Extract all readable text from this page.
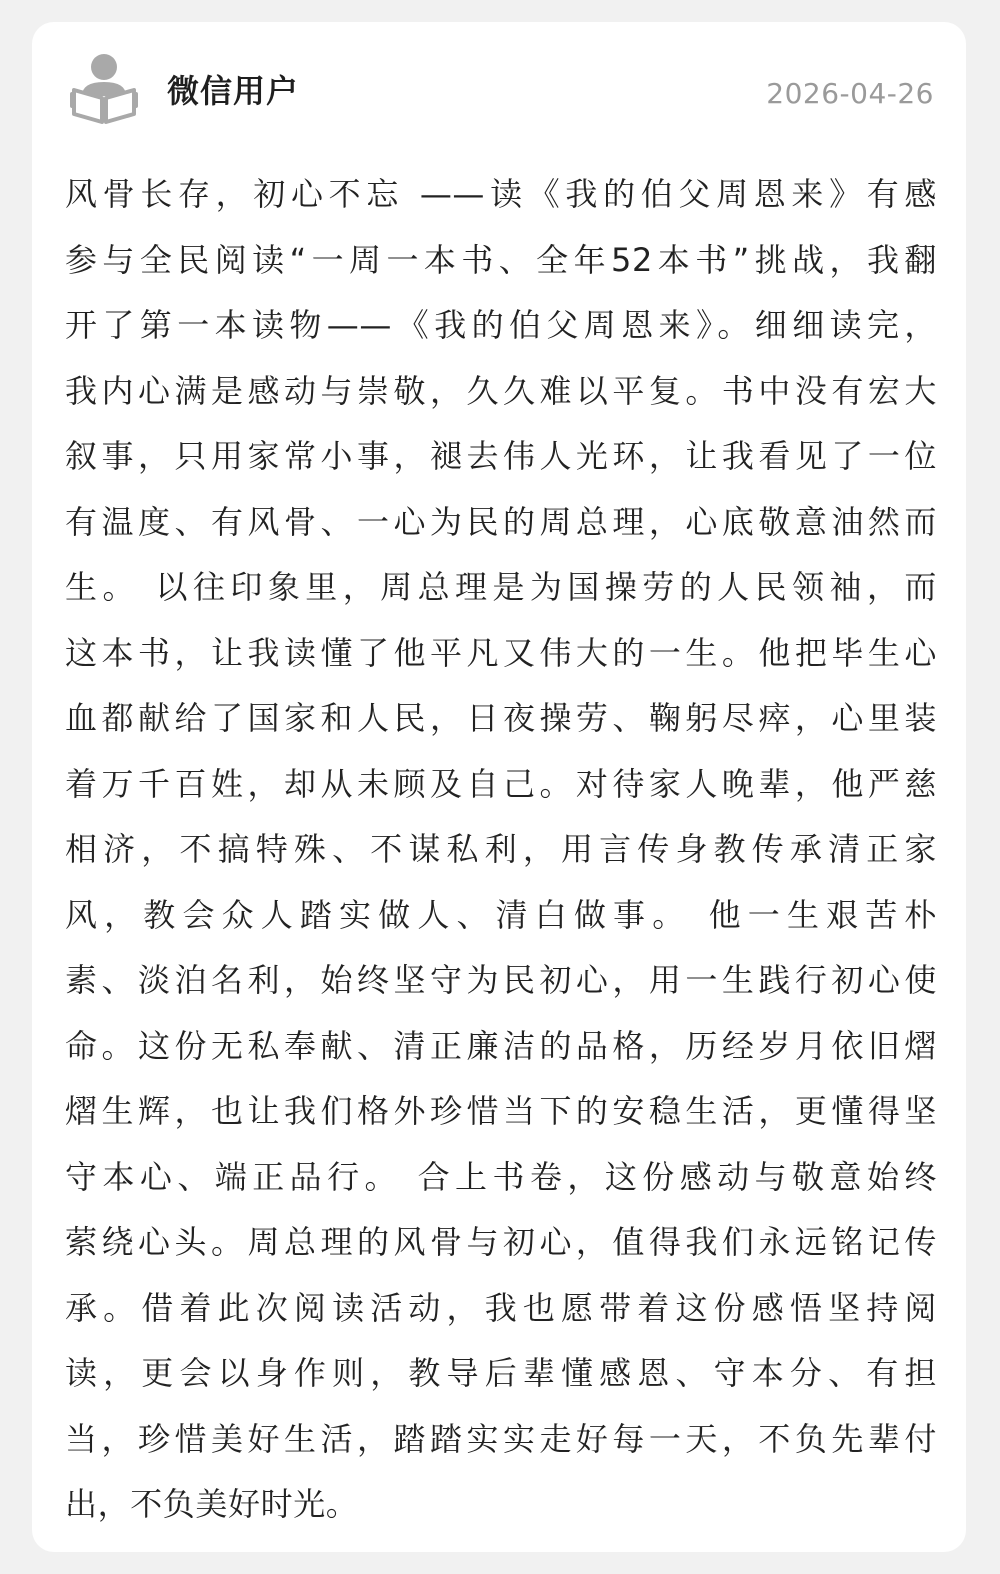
微信用户	2026-04-26
风骨长存，初心不忘 ——读《我的伯父周恩来》有感
参与全民阅读“一周一本书、全年52本书”挑战，我翻
开了第一本读物——《我的伯父周恩来》。细细读完，
我内心满是感动与崇敬，久久难以平复。书中没有宏大
叙事，只用家常小事，褪去伟人光环，让我看见了一位
有温度、有风骨、一心为民的周总理，心底敬意油然而
生。 以往印象里，周总理是为国操劳的人民领袖，而
这本书，让我读懂了他平凡又伟大的一生。他把毕生心
血都献给了国家和人民，日夜操劳、鞠躬尽瘁，心里装
着万千百姓，却从未顾及自己。对待家人晚辈，他严慈
相济，不搞特殊、不谋私利，用言传身教传承清正家
风，教会众人踏实做人、清白做事。 他一生艰苦朴
素、淡泊名利，始终坚守为民初心，用一生践行初心使
命。这份无私奉献、清正廉洁的品格，历经岁月依旧熠
熠生辉，也让我们格外珍惜当下的安稳生活，更懂得坚
守本心、端正品行。 合上书卷，这份感动与敬意始终
萦绕心头。周总理的风骨与初心，值得我们永远铭记传
承。借着此次阅读活动，我也愿带着这份感悟坚持阅
读，更会以身作则，教导后辈懂感恩、守本分、有担
当，珍惜美好生活，踏踏实实走好每一天，不负先辈付
出，不负美好时光。
